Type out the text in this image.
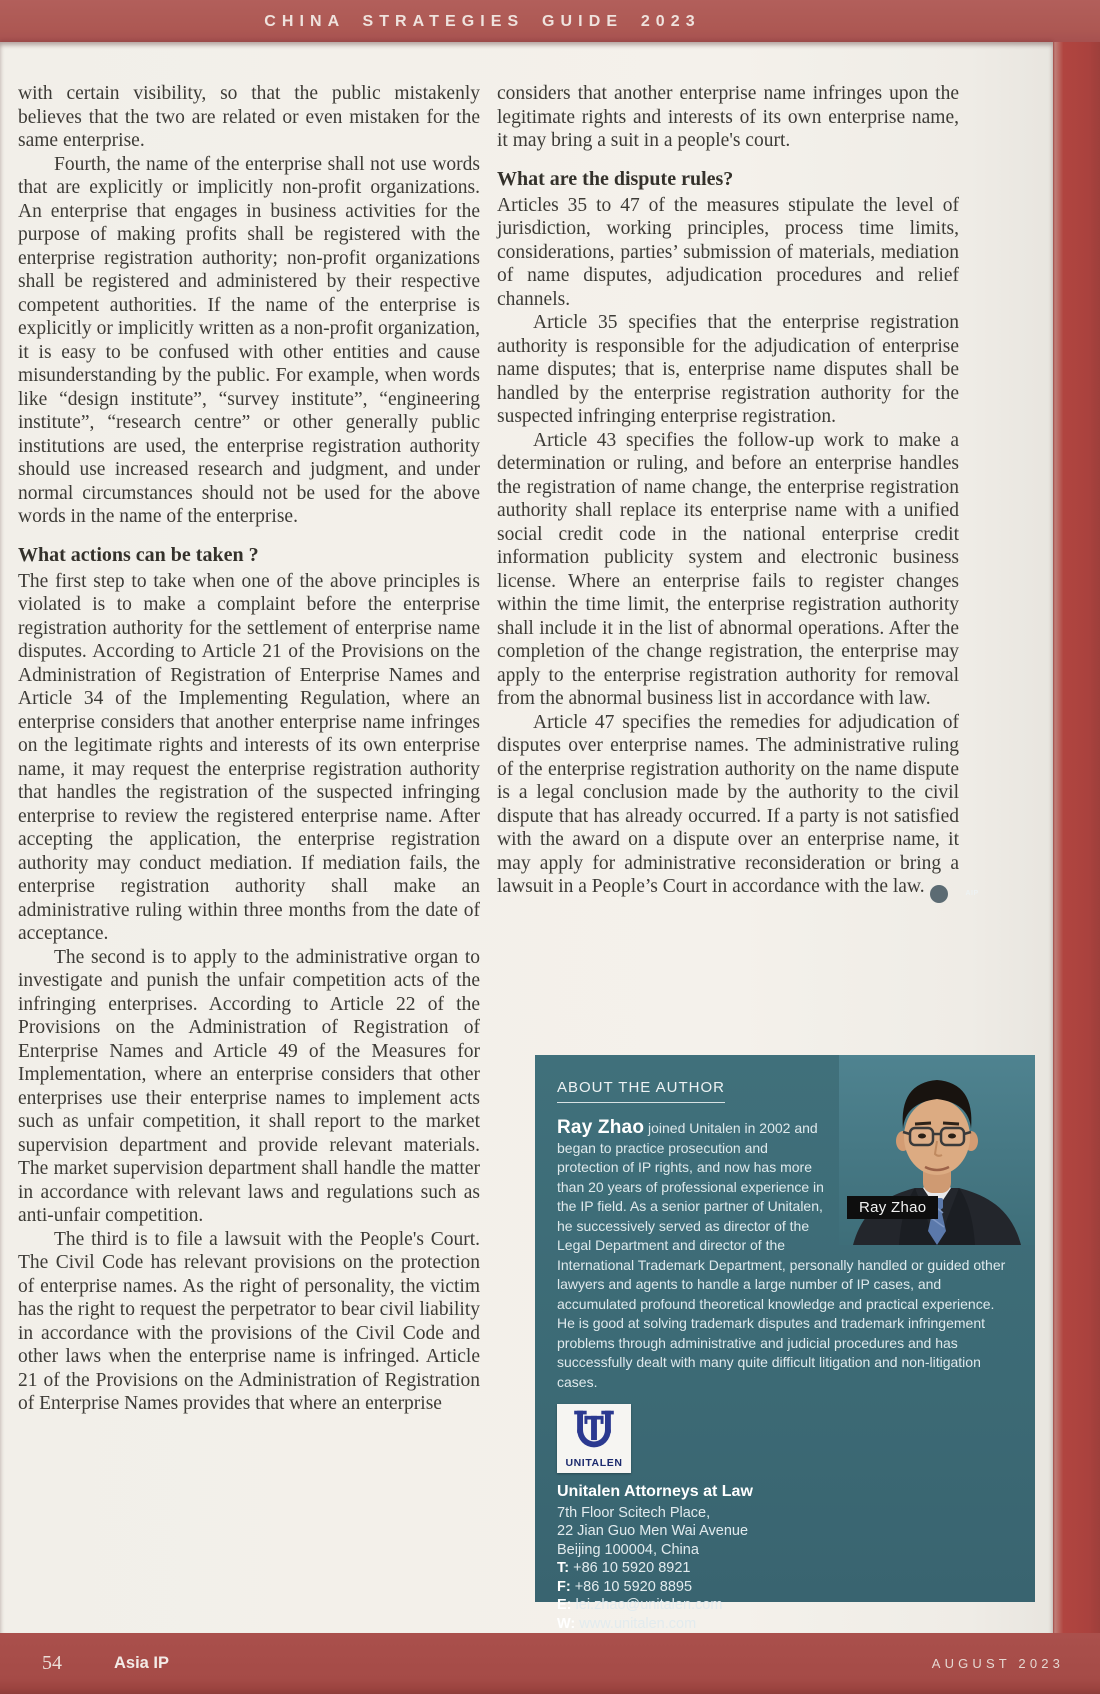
CHINA STRATEGIES GUIDE 2023

with certain visibility, so that the public mistakenly believes that the two are related or even mistaken for the same enterprise.

Fourth, the name of the enterprise shall not use words that are explicitly or implicitly non-profit organizations. An enterprise that engages in business activities for the purpose of making profits shall be registered with the enterprise registration authority; non-profit organizations shall be registered and administered by their respective competent authorities. If the name of the enterprise is explicitly or implicitly written as a non-profit organization, it is easy to be confused with other entities and cause misunderstanding by the public. For example, when words like “design institute”, “survey institute”, “engineering institute”, “research centre” or other generally public institutions are used, the enterprise registration authority should use increased research and judgment, and under normal circumstances should not be used for the above words in the name of the enterprise.

What actions can be taken ?

The first step to take when one of the above principles is violated is to make a complaint before the enterprise registration authority for the settlement of enterprise name disputes. According to Article 21 of the Provisions on the Administration of Registration of Enterprise Names and Article 34 of the Implementing Regulation, where an enterprise considers that another enterprise name infringes on the legitimate rights and interests of its own enterprise name, it may request the enterprise registration authority that handles the registration of the suspected infringing enterprise to review the registered enterprise name. After accepting the application, the enterprise registration authority may conduct mediation. If mediation fails, the enterprise registration authority shall make an administrative ruling within three months from the date of acceptance.

The second is to apply to the administrative organ to investigate and punish the unfair competition acts of the infringing enterprises. According to Article 22 of the Provisions on the Administration of Registration of Enterprise Names and Article 49 of the Measures for Implementation, where an enterprise considers that other enterprises use their enterprise names to implement acts such as unfair competition, it shall report to the market supervision department and provide relevant materials. The market supervision department shall handle the matter in accordance with relevant laws and regulations such as anti-unfair competition.

The third is to file a lawsuit with the People's Court. The Civil Code has relevant provisions on the protection of enterprise names. As the right of personality, the victim has the right to request the perpetrator to bear civil liability in accordance with the provisions of the Civil Code and other laws when the enterprise name is infringed. Article 21 of the Provisions on the Administration of Registration of Enterprise Names provides that where an enterprise

considers that another enterprise name infringes upon the legitimate rights and interests of its own enterprise name, it may bring a suit in a people's court.

What are the dispute rules?

Articles 35 to 47 of the measures stipulate the level of jurisdiction, working principles, process time limits, considerations, parties’ submission of materials, mediation of name disputes, adjudication procedures and relief channels.

Article 35 specifies that the enterprise registration authority is responsible for the adjudication of enterprise name disputes; that is, enterprise name disputes shall be handled by the enterprise registration authority for the suspected infringing enterprise registration.

Article 43 specifies the follow-up work to make a determination or ruling, and before an enterprise handles the registration of name change, the enterprise registration authority shall replace its enterprise name with a unified social credit code in the national enterprise credit information publicity system and electronic business license. Where an enterprise fails to register changes within the time limit, the enterprise registration authority shall include it in the list of abnormal operations. After the completion of the change registration, the enterprise may apply to the enterprise registration authority for removal from the abnormal business list in accordance with law.

Article 47 specifies the remedies for adjudication of disputes over enterprise names. The administrative ruling of the enterprise registration authority on the name dispute is a legal conclusion made by the authority to the civil dispute that has already occurred. If a party is not satisfied with the award on a dispute over an enterprise name, it may apply for administrative reconsideration or bring a lawsuit in a People’s Court in accordance with the law.	AIP

Ray Zhao
ABOUT THE AUTHOR

Ray Zhao joined Unitalen in 2002 and began to practice prosecution and protection of IP rights, and now has more than 20 years of professional experience in the IP field. As a senior partner of Unitalen, he successively served as director of the Legal Department and director of the International Trademark Department, personally handled or guided other lawyers and agents to handle a large number of IP cases, and accumulated profound theoretical knowledge and practical experience. He is good at solving trademark disputes and trademark infringement problems through administrative and judicial procedures and has successfully dealt with many quite difficult litigation and non-litigation cases.

UNITALEN
Unitalen Attorneys at Law
7th Floor Scitech Place,
22 Jian Guo Men Wai Avenue
Beijing 100004, China
T: +86 10 5920 8921
F: +86 10 5920 8895
E: lei.zhao@unitalen.com
W: www.unitalen.com
54	Asia IP	AUGUST 2023
